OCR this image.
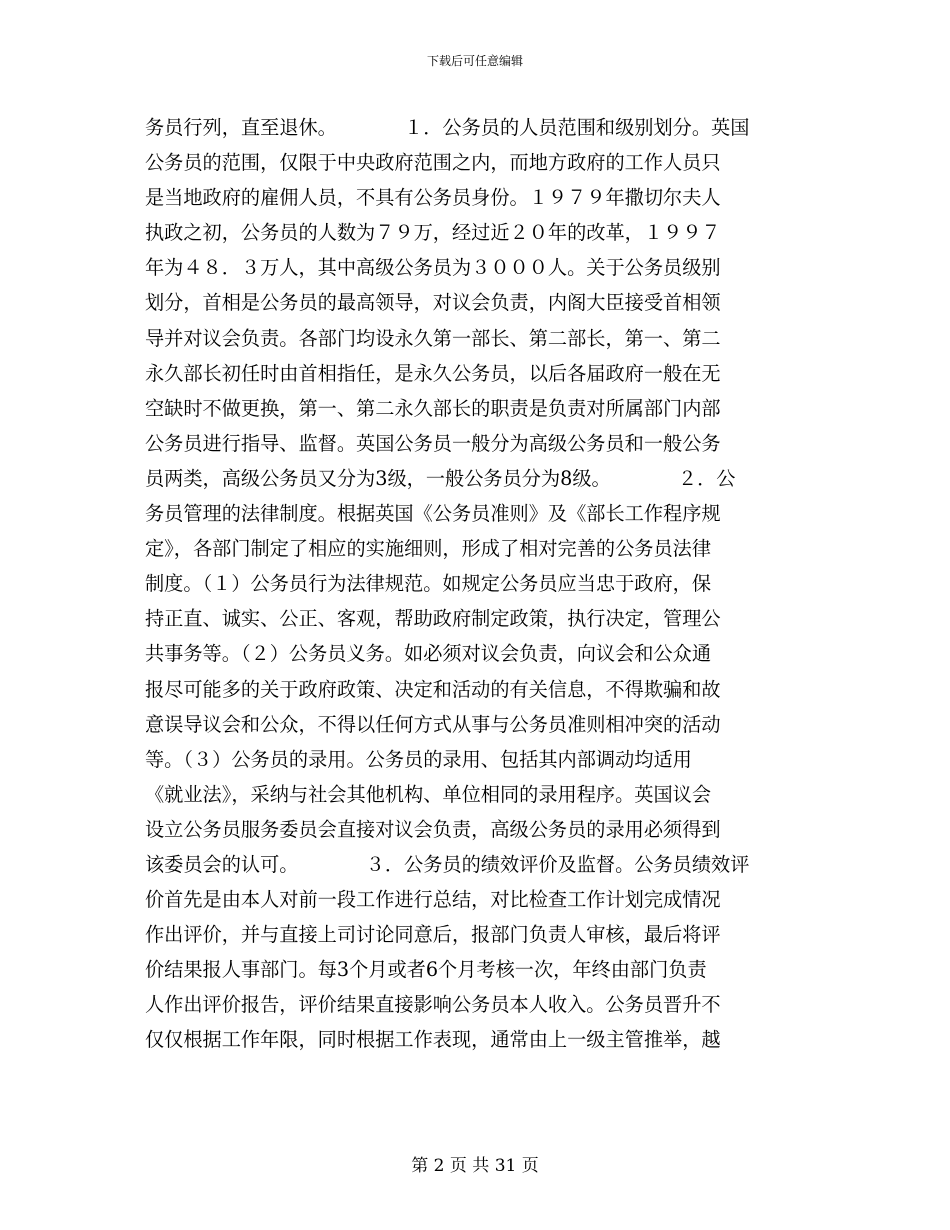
下载后可任意编辑
务员行列，直至退休。　　　　１．公务员的人员范围和级别划分。英国
公务员的范围，仅限于中央政府范围之内，而地方政府的工作人员只
是当地政府的雇佣人员，不具有公务员身份。１９７９年撒切尔夫人
执政之初，公务员的人数为７９万，经过近２０年的改革，１９９７
年为４８．３万人，其中高级公务员为３０００人。关于公务员级别
划分，首相是公务员的最高领导，对议会负责，内阁大臣接受首相领
导并对议会负责。各部门均设永久第一部长、第二部长，第一、第二
永久部长初任时由首相指任，是永久公务员，以后各届政府一般在无
空缺时不做更换，第一、第二永久部长的职责是负责对所属部门内部
公务员进行指导、监督。英国公务员一般分为高级公务员和一般公务
员两类，高级公务员又分为3级，一般公务员分为8级。　　　　２．公
务员管理的法律制度。根据英国《公务员准则》及《部长工作程序规
定》，各部门制定了相应的实施细则，形成了相对完善的公务员法律
制度。（１）公务员行为法律规范。如规定公务员应当忠于政府，保
持正直、诚实、公正、客观，帮助政府制定政策，执行决定，管理公
共事务等。（２）公务员义务。如必须对议会负责，向议会和公众通
报尽可能多的关于政府政策、决定和活动的有关信息，不得欺骗和故
意误导议会和公众，不得以任何方式从事与公务员准则相冲突的活动
等。（３）公务员的录用。公务员的录用、包括其内部调动均适用
《就业法》，采纳与社会其他机构、单位相同的录用程序。英国议会
设立公务员服务委员会直接对议会负责，高级公务员的录用必须得到
该委员会的认可。　　　　３．公务员的绩效评价及监督。公务员绩效评
价首先是由本人对前一段工作进行总结，对比检查工作计划完成情况
作出评价，并与直接上司讨论同意后，报部门负责人审核，最后将评
价结果报人事部门。每3个月或者6个月考核一次，年终由部门负责
人作出评价报告，评价结果直接影响公务员本人收入。公务员晋升不
仅仅根据工作年限，同时根据工作表现，通常由上一级主管推举，越
第 2 页 共 31 页
